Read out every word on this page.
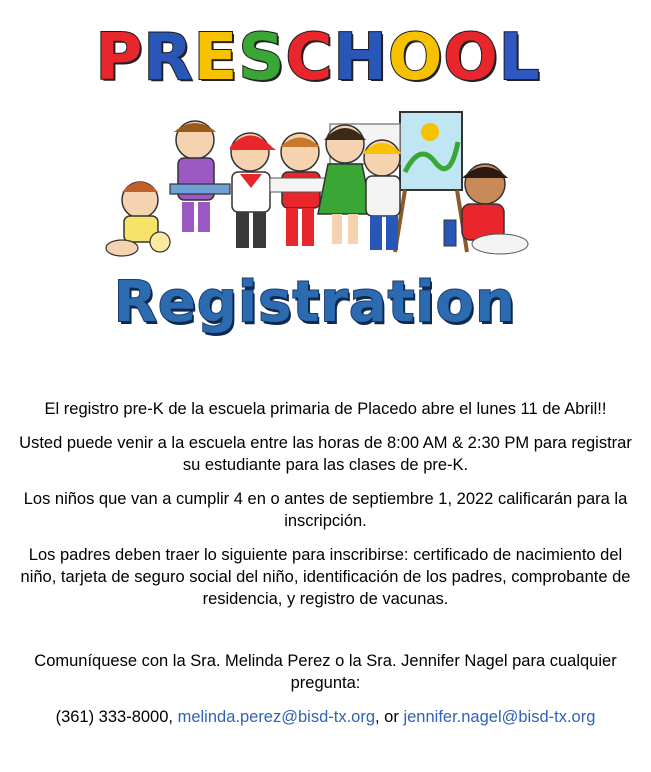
P R E S C H O O L
Registration

El registro pre-K de la escuela primaria de Placedo abre el lunes 11 de Abril!!

Usted puede venir a la escuela entre las horas de 8:00 AM & 2:30 PM para registrar su estudiante para las clases de pre-K.

Los niños que van a cumplir 4 en o antes de septiembre 1, 2022 calificarán para la inscripción.

Los padres deben traer lo siguiente para inscribirse: certificado de nacimiento del niño, tarjeta de seguro social del niño, identificación de los padres, comprobante de residencia, y registro de vacunas.

Comuníquese con la Sra. Melinda Perez o la Sra. Jennifer Nagel para cualquier pregunta:

(361) 333-8000, melinda.perez@bisd-tx.org, or jennifer.nagel@bisd-tx.org
